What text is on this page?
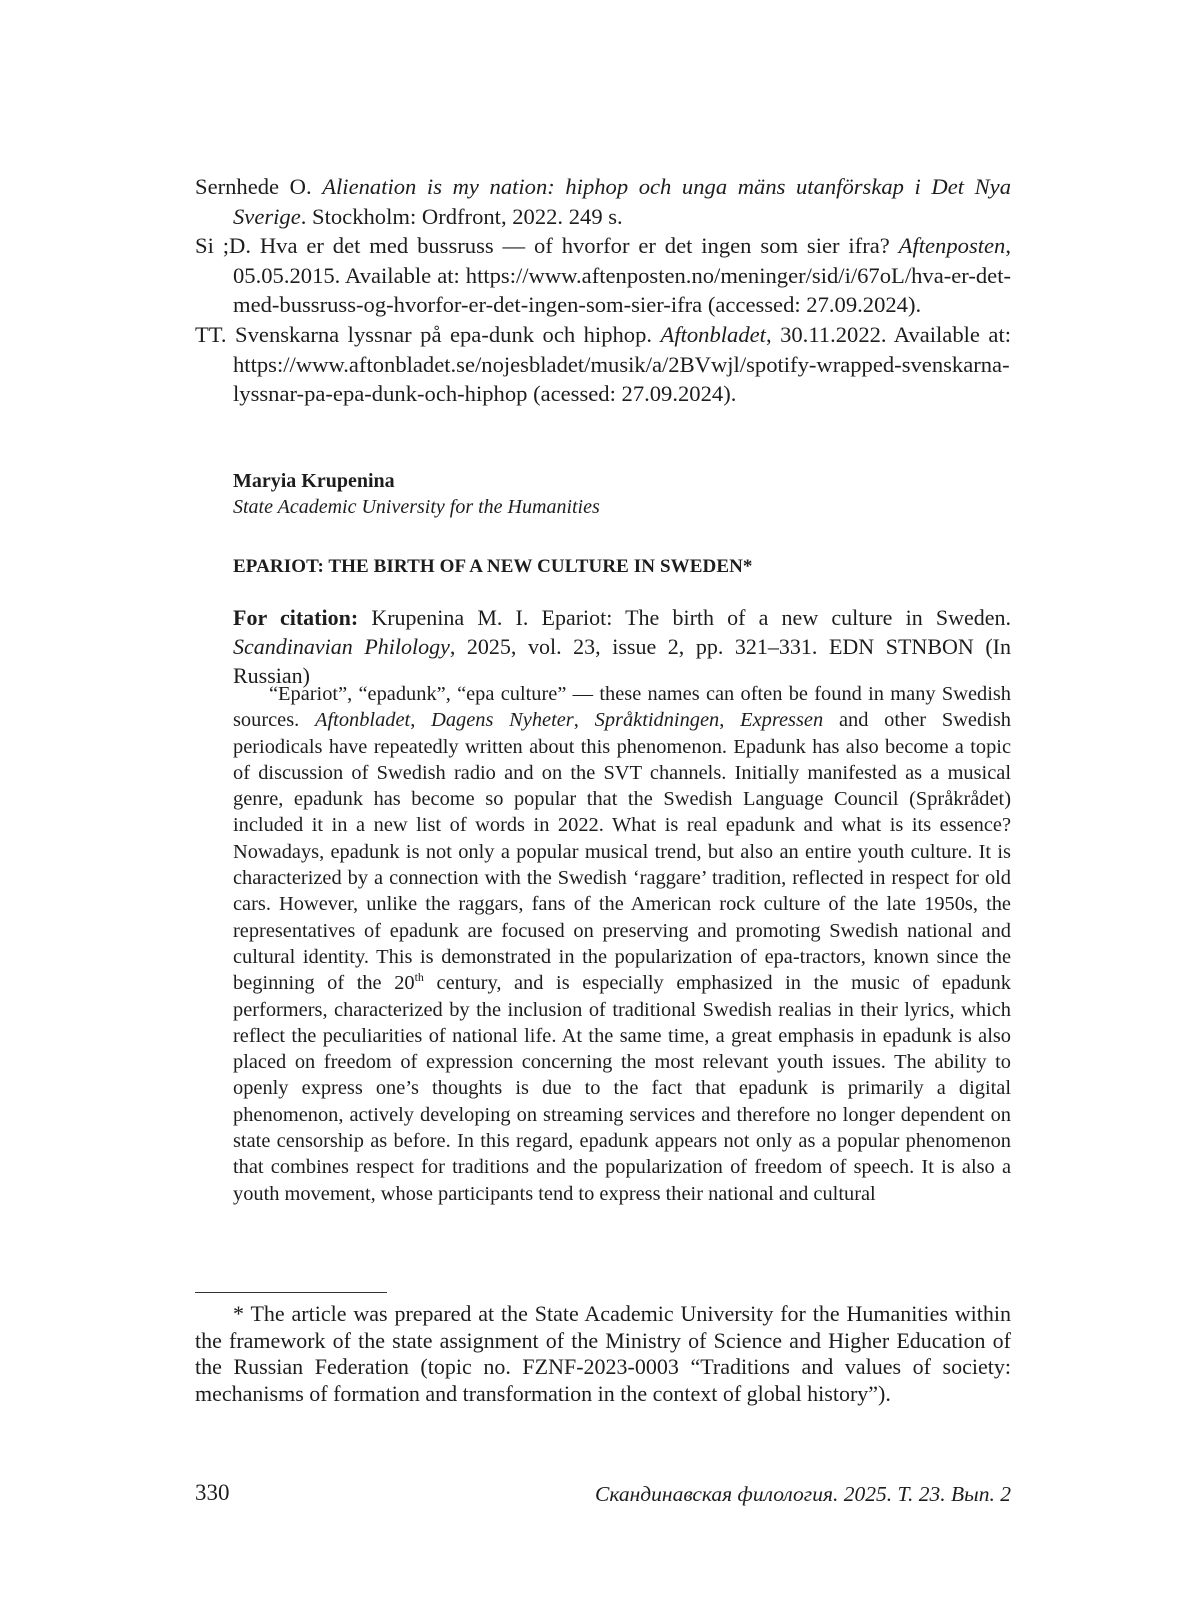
Sernhede O. Alienation is my nation: hiphop och unga mäns utanförskap i Det Nya Sverige. Stockholm: Ordfront, 2022. 249 s.

Si ;D. Hva er det med bussruss — of hvorfor er det ingen som sier ifra? Aftenposten, 05.05.2015. Available at: https://www.aftenposten.no/meninger/sid/i/67oL/hva-er-det-med-bussruss-og-hvorfor-er-det-ingen-som-sier-ifra (accessed: 27.09.2024).

TT. Svenskarna lyssnar på epa-dunk och hiphop. Aftonbladet, 30.11.2022. Available at: https://www.aftonbladet.se/nojesbladet/musik/a/2BVwjl/spotify-wrapped-svenskarna-lyssnar-pa-epa-dunk-och-hiphop (acessed: 27.09.2024).

Maryia Krupenina

State Academic University for the Humanities

EPARIOT: THE BIRTH OF A NEW CULTURE IN SWEDEN*

For citation: Krupenina M. I. Epariot: The birth of a new culture in Sweden. Scandinavian Philology, 2025, vol. 23, issue 2, pp. 321–331. EDN STNBON (In Russian)

“Epariot”, “epadunk”, “epa culture” — these names can often be found in many Swedish sources. Aftonbladet, Dagens Nyheter, Språktidningen, Expressen and other Swedish periodicals have repeatedly written about this phenomenon. Epadunk has also become a topic of discussion of Swedish radio and on the SVT channels. Initially manifested as a musical genre, epadunk has become so popular that the Swedish Language Council (Språkrådet) included it in a new list of words in 2022. What is real epadunk and what is its essence? Nowadays, epadunk is not only a popular musical trend, but also an entire youth culture. It is characterized by a connection with the Swedish ‘raggare’ tradition, reflected in respect for old cars. However, unlike the raggars, fans of the American rock culture of the late 1950s, the representatives of epadunk are focused on preserving and promoting Swedish national and cultural identity. This is demonstrated in the popularization of epa-tractors, known since the beginning of the 20th century, and is especially emphasized in the music of epadunk performers, characterized by the inclusion of traditional Swedish realias in their lyrics, which reflect the peculiarities of national life. At the same time, a great emphasis in epadunk is also placed on freedom of expression concerning the most relevant youth issues. The ability to openly express one’s thoughts is due to the fact that epadunk is primarily a digital phenomenon, actively developing on streaming services and therefore no longer dependent on state censorship as before. In this regard, epadunk appears not only as a popular phenomenon that combines respect for traditions and the popularization of freedom of speech. It is also a youth movement, whose participants tend to express their national and cultural

* The article was prepared at the State Academic University for the Humanities within the framework of the state assignment of the Ministry of Science and Higher Education of the Russian Federation (topic no. FZNF-2023-0003 “Traditions and values of society: mechanisms of formation and transformation in the context of global history”).

330	Скандинавская филология. 2025. Т. 23. Вып. 2
